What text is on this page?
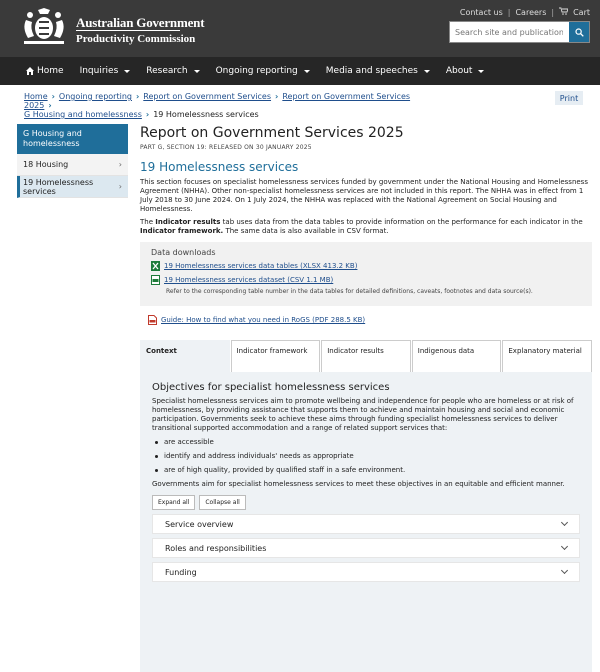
Australian Government
Productivity Commission
Contact us | Careers | Cart
Search site and publications
Home Inquiries	Research	Ongoing reporting	Media and speeches	About
Home › Ongoing reporting › Report on Government Services › Report on Government Services 2025 ›
G Housing and homelessness › 19 Homelessness services
Print
G Housing and homelessness
18 Housing	›
19 Homelessness services	›
Report on Government Services 2025
PART G, SECTION 19: RELEASED ON 30 JANUARY 2025
19 Homelessness services

This section focuses on specialist homelessness services funded by government under the National Housing and Homelessness Agreement (NHHA). Other non-specialist homelessness services are not included in this report. The NHHA was in effect from 1 July 2018 to 30 June 2024. On 1 July 2024, the NHHA was replaced with the National Agreement on Social Housing and Homelessness.

The Indicator results tab uses data from the data tables to provide information on the performance for each indicator in the Indicator framework. The same data is also available in CSV format.

Data downloads
19 Homelessness services data tables (XLSX 413.2 KB)
19 Homelessness services dataset (CSV 1.1 MB)
Refer to the corresponding table number in the data tables for detailed definitions, caveats, footnotes and data source(s).
Guide: How to find what you need in RoGS (PDF 288.5 KB)
Context	Indicator framework	Indicator results	Indigenous data	Explanatory material
Objectives for specialist homelessness services

Specialist homelessness services aim to promote wellbeing and independence for people who are homeless or at risk of homelessness, by providing assistance that supports them to achieve and maintain housing and social and economic participation. Governments seek to achieve these aims through funding specialist homelessness services to deliver transitional supported accommodation and a range of related support services that:

are accessible
identify and address individuals' needs as appropriate
are of high quality, provided by qualified staff in a safe environment.

Governments aim for specialist homelessness services to meet these objectives in an equitable and efficient manner.

Expand all	Collapse all
Service overview
Roles and responsibilities
Funding
